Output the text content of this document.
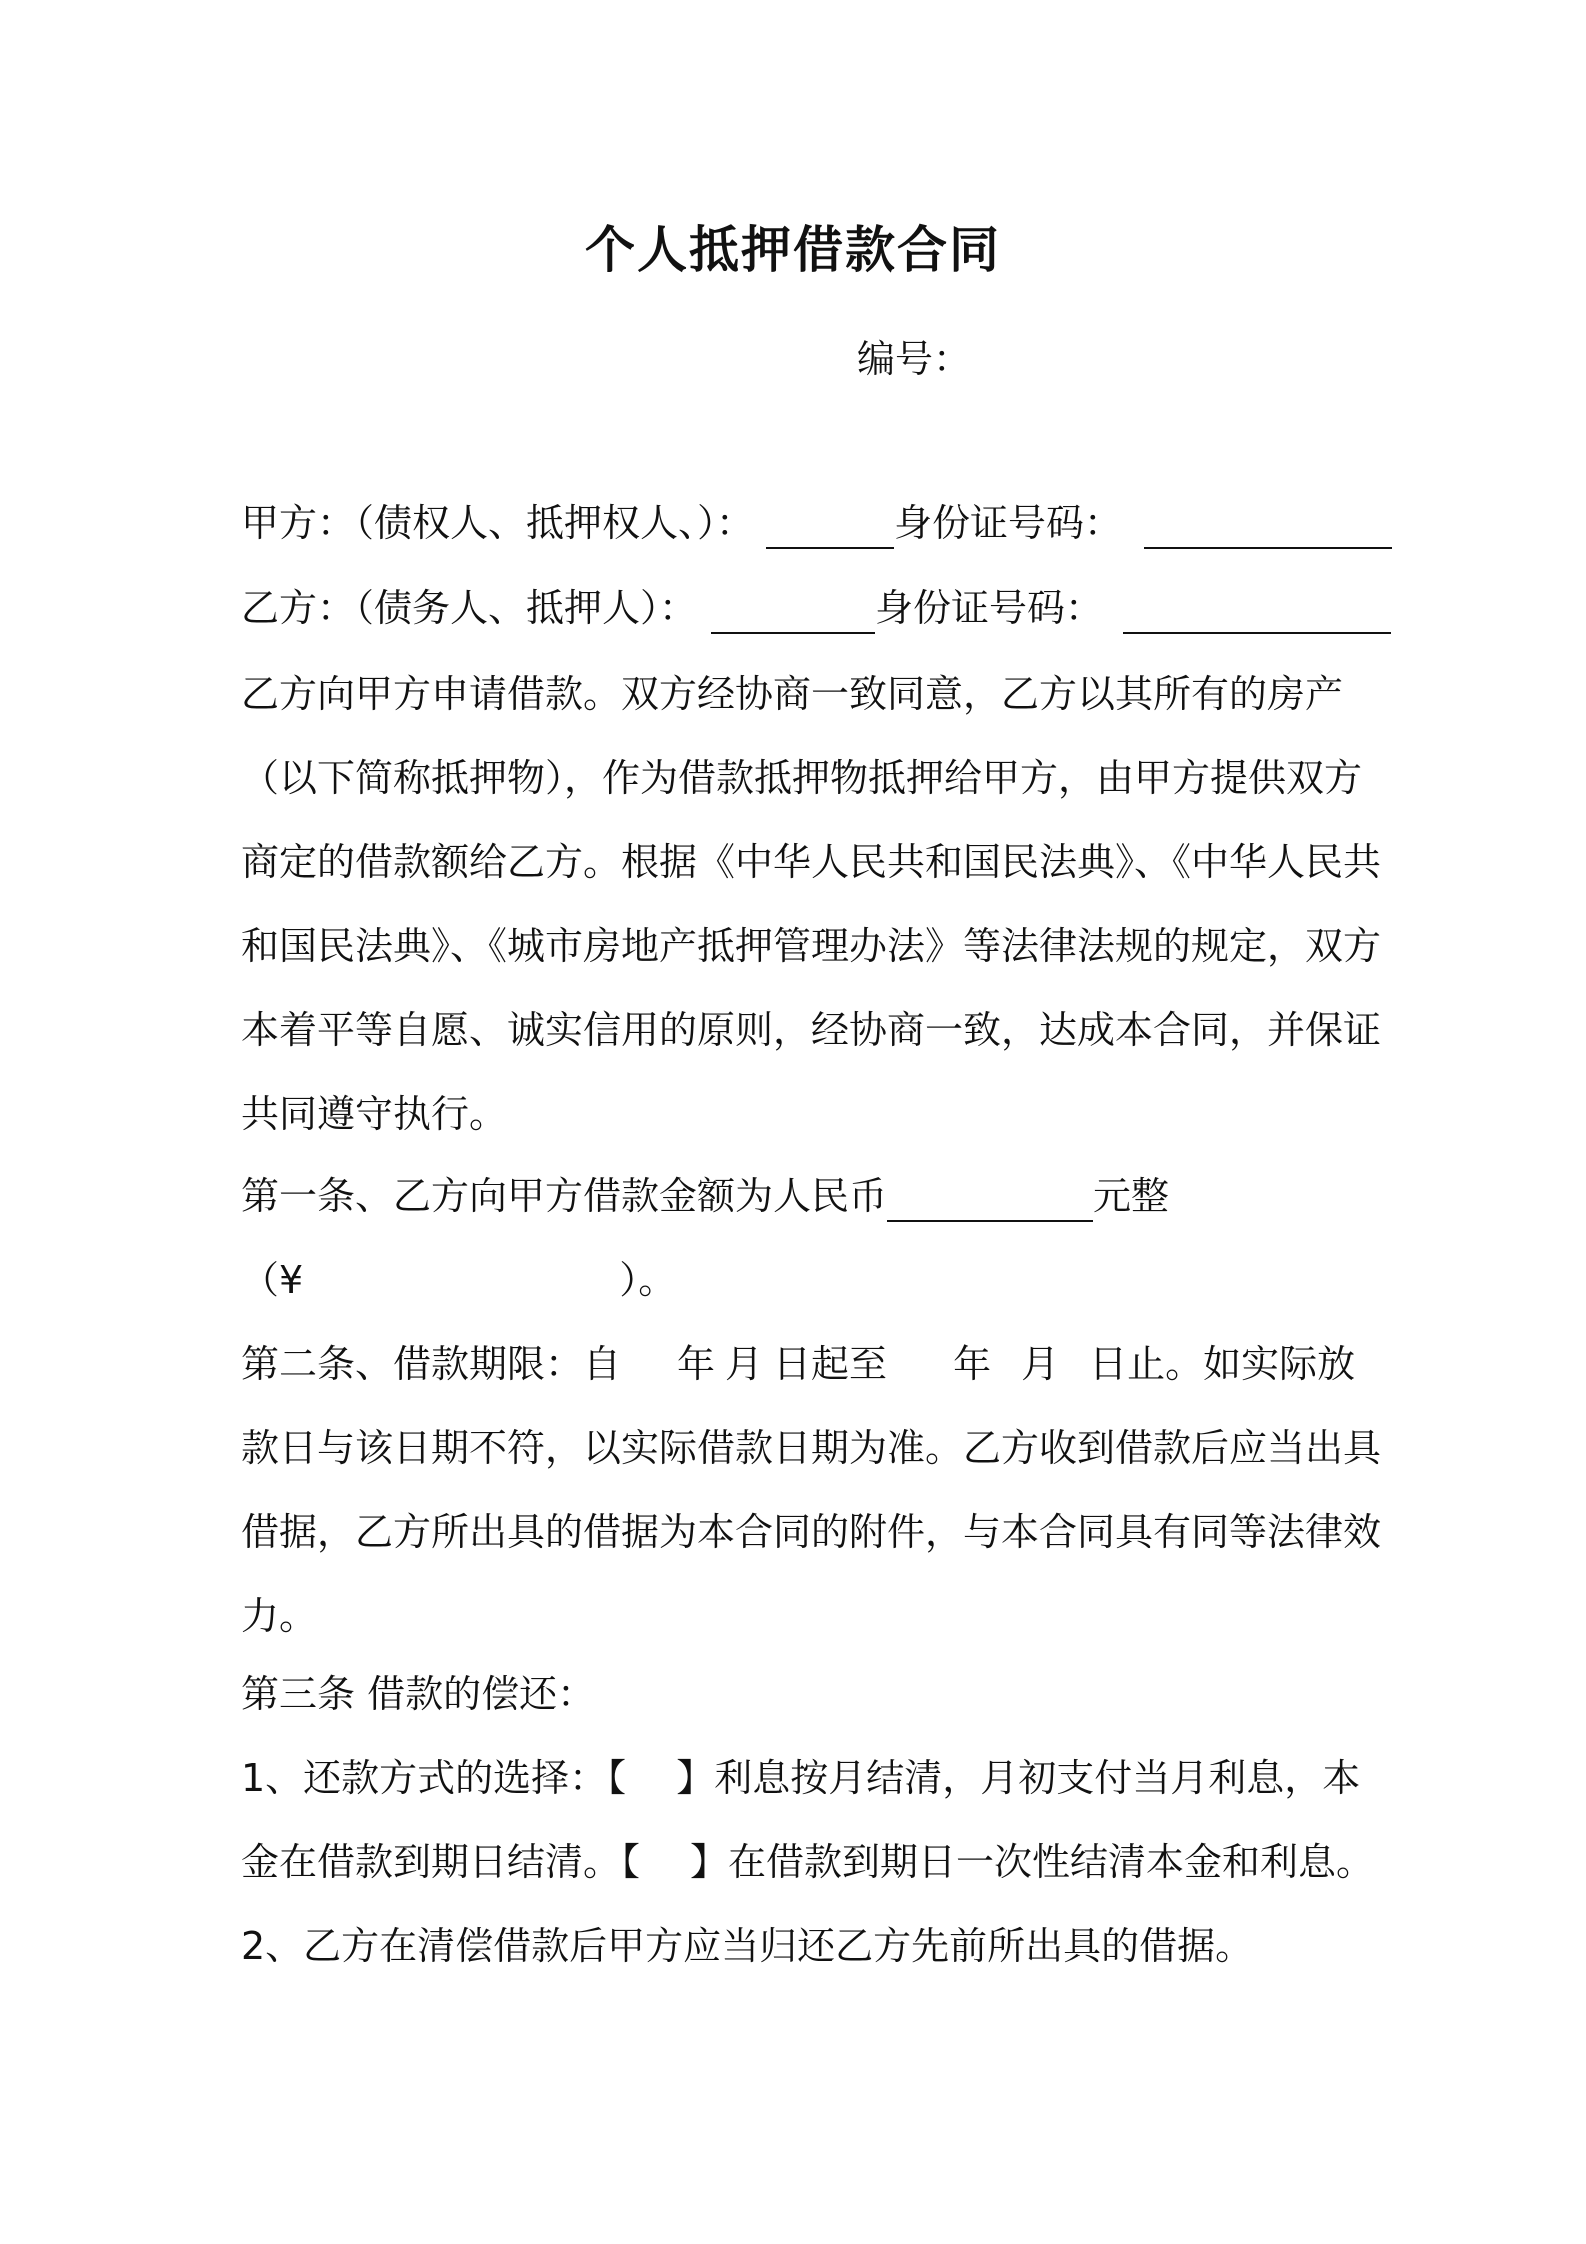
个人抵押借款合同
编号：
甲方：（债权人、抵押权人、）：	身份证号码：
乙方：（债务人、抵押人）：	身份证号码：
乙方向甲方申请借款。双方经协商一致同意，乙方以其所有的房产
（以下简称抵押物），作为借款抵押物抵押给甲方，由甲方提供双方
商定的借款额给乙方。根据《中华人民共和国民法典》、《中华人民共
和国民法典》、《城市房地产抵押管理办法》等法律法规的规定，双方
本着平等自愿、诚实信用的原则，经协商一致，达成本合同，并保证
共同遵守执行。
第一条、乙方向甲方借款金额为人民币	元整
（¥	）。
第二条、借款期限：自 年 月 日起至 年 月 日止。如实际放
款日与该日期不符，以实际借款日期为准。乙方收到借款后应当出具
借据，乙方所出具的借据为本合同的附件，与本合同具有同等法律效
力。
第三条 借款的偿还：
1、还款方式的选择：【 】利息按月结清，月初支付当月利息，本
金在借款到期日结清。【 】在借款到期日一次性结清本金和利息。
2、乙方在清偿借款后甲方应当归还乙方先前所出具的借据。
